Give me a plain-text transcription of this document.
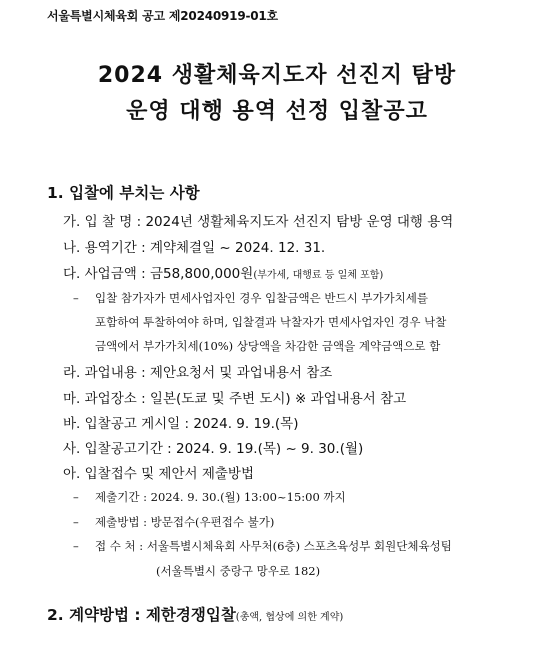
서울특별시체육회 공고 제20240919-01호
2024 생활체육지도자 선진지 탐방
운영 대행 용역 선정 입찰공고
1. 입찰에 부치는 사항
가. 입 찰 명 : 2024년 생활체육지도자 선진지 탐방 운영 대행 용역
나. 용역기간 : 계약체결일 ~ 2024. 12. 31.
다. 사업금액 : 금58,800,000원(부가세, 대행료 등 일체 포함)
– 입찰 참가자가 면세사업자인 경우 입찰금액은 반드시 부가가치세를
포함하여 투찰하여야 하며, 입찰결과 낙찰자가 면세사업자인 경우 낙찰
금액에서 부가가치세(10%) 상당액을 차감한 금액을 계약금액으로 함
라. 과업내용 : 제안요청서 및 과업내용서 참조
마. 과업장소 : 일본(도쿄 및 주변 도시) ※ 과업내용서 참고
바. 입찰공고 게시일 : 2024. 9. 19.(목)
사. 입찰공고기간 : 2024. 9. 19.(목) ~ 9. 30.(월)
아. 입찰접수 및 제안서 제출방법
– 제출기간 : 2024. 9. 30.(월) 13:00~15:00 까지
– 제출방법 : 방문접수(우편접수 불가)
– 접 수 처 : 서울특별시체육회 사무처(6층) 스포츠육성부 회원단체육성팀
(서울특별시 중랑구 망우로 182)
2. 계약방법 : 제한경쟁입찰(총액, 협상에 의한 계약)
